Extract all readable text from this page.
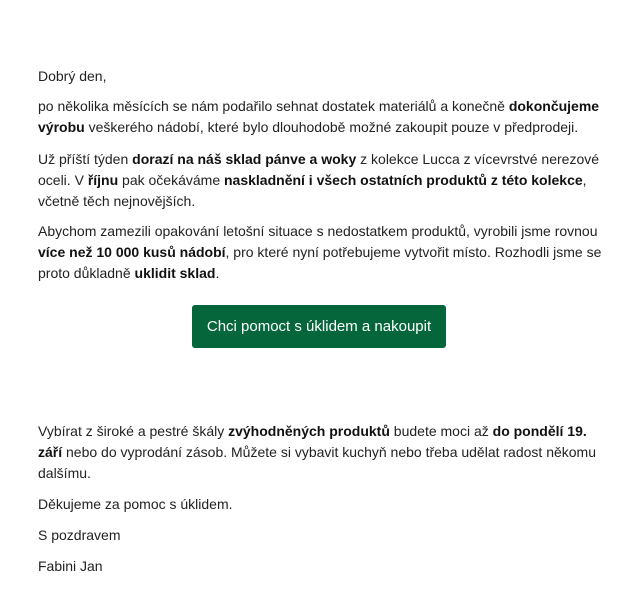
Dobrý den,

po několika měsících se nám podařilo sehnat dostatek materiálů a konečně dokončujeme výrobu veškerého nádobí, které bylo dlouhodobě možné zakoupit pouze v předprodeji.

Už příští týden dorazí na náš sklad pánve a woky z kolekce Lucca z vícevrstvé nerezové oceli. V říjnu pak očekáváme naskladnění i všech ostatních produktů z této kolekce, včetně těch nejnovějších.

Abychom zamezili opakování letošní situace s nedostatkem produktů, vyrobili jsme rovnou více než 10 000 kusů nádobí, pro které nyní potřebujeme vytvořit místo. Rozhodli jsme se proto důkladně uklidit sklad.

Chci pomoct s úklidem a nakoupit

Vybírat z široké a pestré škály zvýhodněných produktů budete moci až do pondělí 19. září nebo do vyprodání zásob. Můžete si vybavit kuchyň nebo třeba udělat radost někomu dalšímu.

Děkujeme za pomoc s úklidem.

S pozdravem

Fabini Jan
